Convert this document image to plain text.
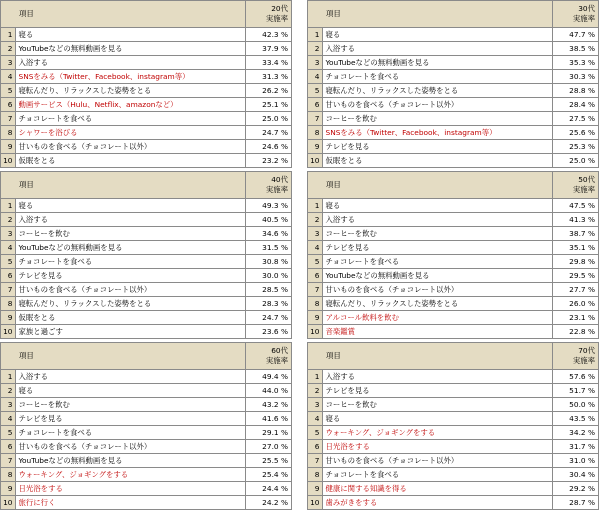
	項目	20代
実施率

1	寝る	42.3 %
2	YouTubeなどの無料動画を見る	37.9 %
3	入浴する	33.4 %
4	SNSをみる（Twitter、Facebook、instagram等）	31.3 %
5	寝転んだり、リラックスした姿勢をとる	26.2 %
6	動画サービス（Hulu、Netflix、amazonなど）	25.1 %
7	チョコレートを食べる	25.0 %
8	シャワーを浴びる	24.7 %
9	甘いものを食べる（チョコレート以外）	24.6 %
10	仮眠をとる	23.2 %
	項目	30代
実施率

1	寝る	47.7 %
2	入浴する	38.5 %
3	YouTubeなどの無料動画を見る	35.3 %
4	チョコレートを食べる	30.3 %
5	寝転んだり、リラックスした姿勢をとる	28.8 %
6	甘いものを食べる（チョコレート以外）	28.4 %
7	コーヒーを飲む	27.5 %
8	SNSをみる（Twitter、Facebook、instagram等）	25.6 %
9	テレビを見る	25.3 %
10	仮眠をとる	25.0 %
	項目	40代
実施率

1	寝る	49.3 %
2	入浴する	40.5 %
3	コーヒーを飲む	34.6 %
4	YouTubeなどの無料動画を見る	31.5 %
5	チョコレートを食べる	30.8 %
6	テレビを見る	30.0 %
7	甘いものを食べる（チョコレート以外）	28.5 %
8	寝転んだり、リラックスした姿勢をとる	28.3 %
9	仮眠をとる	24.7 %
10	家族と過ごす	23.6 %
	項目	50代
実施率

1	寝る	47.5 %
2	入浴する	41.3 %
3	コーヒーを飲む	38.7 %
4	テレビを見る	35.1 %
5	チョコレートを食べる	29.8 %
6	YouTubeなどの無料動画を見る	29.5 %
7	甘いものを食べる（チョコレート以外）	27.7 %
8	寝転んだり、リラックスした姿勢をとる	26.0 %
9	アルコール飲料を飲む	23.1 %
10	音楽鑑賞	22.8 %
	項目	60代
実施率

1	入浴する	49.4 %
2	寝る	44.0 %
3	コーヒーを飲む	43.2 %
4	テレビを見る	41.6 %
5	チョコレートを食べる	29.1 %
6	甘いものを食べる（チョコレート以外）	27.0 %
7	YouTubeなどの無料動画を見る	25.5 %
8	ウォーキング、ジョギングをする	25.4 %
9	日光浴をする	24.4 %
10	旅行に行く	24.2 %
	項目	70代
実施率

1	入浴する	57.6 %
2	テレビを見る	51.7 %
3	コーヒーを飲む	50.0 %
4	寝る	43.5 %
5	ウォーキング、ジョギングをする	34.2 %
6	日光浴をする	31.7 %
7	甘いものを食べる（チョコレート以外）	31.0 %
8	チョコレートを食べる	30.4 %
9	健康に関する知識を得る	29.2 %
10	歯みがきをする	28.7 %
